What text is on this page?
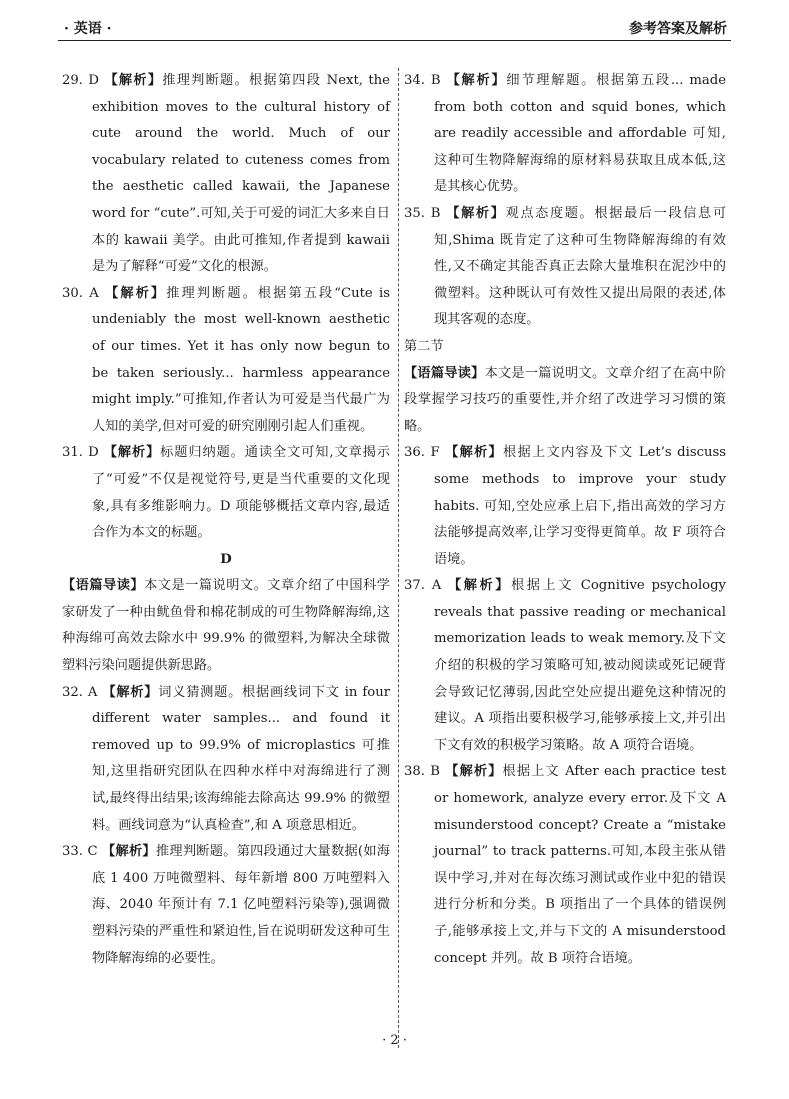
· 英语 ·	参考答案及解析

29. D 【解析】推理判断题。根据第四段 Next, the exhibition moves to the cultural history of cute around the world. Much of our vocabulary related to cuteness comes from the aesthetic called kawaii, the Japanese word for “cute”.可知,关于可爱的词汇大多来自日本的 kawaii 美学。由此可推知,作者提到 kawaii 是为了解释“可爱”文化的根源。

30. A 【解析】推理判断题。根据第五段“Cute is undeniably the most well-known aesthetic of our times. Yet it has only now begun to be taken seriously... harmless appearance might imply.”可推知,作者认为可爱是当代最广为人知的美学,但对可爱的研究刚刚引起人们重视。

31. D 【解析】标题归纳题。通读全文可知,文章揭示了“可爱”不仅是视觉符号,更是当代重要的文化现象,具有多维影响力。D 项能够概括文章内容,最适合作为本文的标题。

D

【语篇导读】本文是一篇说明文。文章介绍了中国科学家研发了一种由鱿鱼骨和棉花制成的可生物降解海绵,这种海绵可高效去除水中 99.9% 的微塑料,为解决全球微塑料污染问题提供新思路。

32. A 【解析】词义猜测题。根据画线词下文 in four different water samples... and found it removed up to 99.9% of microplastics 可推知,这里指研究团队在四种水样中对海绵进行了测试,最终得出结果;该海绵能去除高达 99.9% 的微塑料。画线词意为“认真检查”,和 A 项意思相近。

33. C 【解析】推理判断题。第四段通过大量数据(如海底 1 400 万吨微塑料、每年新增 800 万吨塑料入海、2040 年预计有 7.1 亿吨塑料污染等),强调微塑料污染的严重性和紧迫性,旨在说明研发这种可生物降解海绵的必要性。

34. B 【解析】细节理解题。根据第五段... made from both cotton and squid bones, which are readily accessible and affordable 可知,这种可生物降解海绵的原材料易获取且成本低,这是其核心优势。

35. B 【解析】观点态度题。根据最后一段信息可知,Shima 既肯定了这种可生物降解海绵的有效性,又不确定其能否真正去除大量堆积在泥沙中的微塑料。这种既认可有效性又提出局限的表述,体现其客观的态度。

第二节

【语篇导读】本文是一篇说明文。文章介绍了在高中阶段掌握学习技巧的重要性,并介绍了改进学习习惯的策略。

36. F 【解析】根据上文内容及下文 Let’s discuss some methods to improve your study habits. 可知,空处应承上启下,指出高效的学习方法能够提高效率,让学习变得更简单。故 F 项符合语境。

37. A 【解析】根据上文 Cognitive psychology reveals that passive reading or mechanical memorization leads to weak memory.及下文介绍的积极的学习策略可知,被动阅读或死记硬背会导致记忆薄弱,因此空处应提出避免这种情况的建议。A 项指出要积极学习,能够承接上文,并引出下文有效的积极学习策略。故 A 项符合语境。

38. B 【解析】根据上文 After each practice test or homework, analyze every error.及下文 A misunderstood concept? Create a “mistake journal” to track patterns.可知,本段主张从错误中学习,并对在每次练习测试或作业中犯的错误进行分析和分类。B 项指出了一个具体的错误例子,能够承接上文,并与下文的 A misunderstood concept 并列。故 B 项符合语境。

· 2 ·
